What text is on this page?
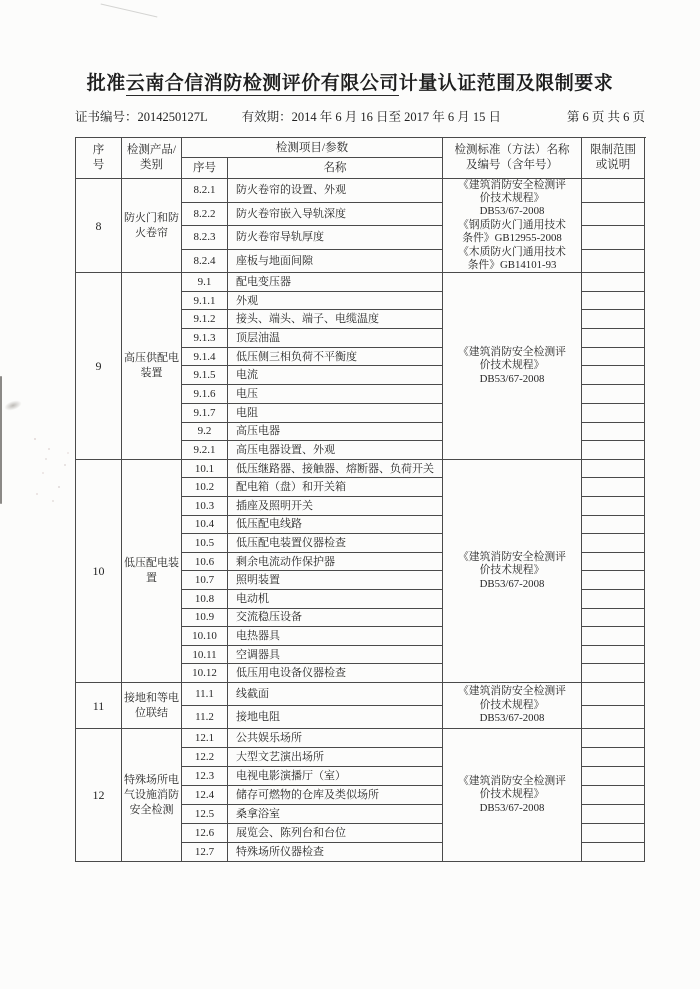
批准云南合信消防检测评价有限公司计量认证范围及限制要求
证书编号：2014250127L	有效期：2014 年 6 月 16 日至 2017 年 6 月 15 日	第 6 页 共 6 页
序号
检测产品/类别
检测项目/参数	检测标准（方法）名称及编号（含年号）
限制范围或说明
序号	名称
8
防火门和防火卷帘
8.2.1	防火卷帘的设置、外观
8.2.2	防火卷帘嵌入导轨深度
8.2.3	防火卷帘导轨厚度
8.2.4	座板与地面间隙
《建筑消防安全检测评
价技术规程》
DB53/67-2008
《钢质防火门通用技术
条件》GB12955-2008
《木质防火门通用技术
条件》GB14101-93
9
高压供配电装置
9.1	配电变压器
9.1.1	外观
9.1.2	接头、端头、端子、电缆温度
9.1.3	顶层油温
9.1.4	低压侧三相负荷不平衡度
9.1.5	电流
9.1.6	电压
9.1.7	电阻
9.2	高压电器
9.2.1	高压电器设置、外观
《建筑消防安全检测评
价技术规程》
DB53/67-2008
10
低压配电装置
10.1	低压继路器、接触器、熔断器、负荷开关
10.2	配电箱（盘）和开关箱
10.3	插座及照明开关
10.4	低压配电线路
10.5	低压配电装置仪器检查
10.6	剩余电流动作保护器
10.7	照明装置
10.8	电动机
10.9	交流稳压设备
10.10	电热器具
10.11	空调器具
10.12	低压用电设备仪器检查
《建筑消防安全检测评
价技术规程》
DB53/67-2008
11
接地和等电位联结
11.1	线截面
11.2	接地电阻
《建筑消防安全检测评
价技术规程》
DB53/67-2008
12
特殊场所电气设施消防安全检测
12.1	公共娱乐场所
12.2	大型文艺演出场所
12.3	电视电影演播厅（室）
12.4	储存可燃物的仓库及类似场所
12.5	桑拿浴室
12.6	展览会、陈列台和台位
12.7	特殊场所仪器检查
《建筑消防安全检测评
价技术规程》
DB53/67-2008
